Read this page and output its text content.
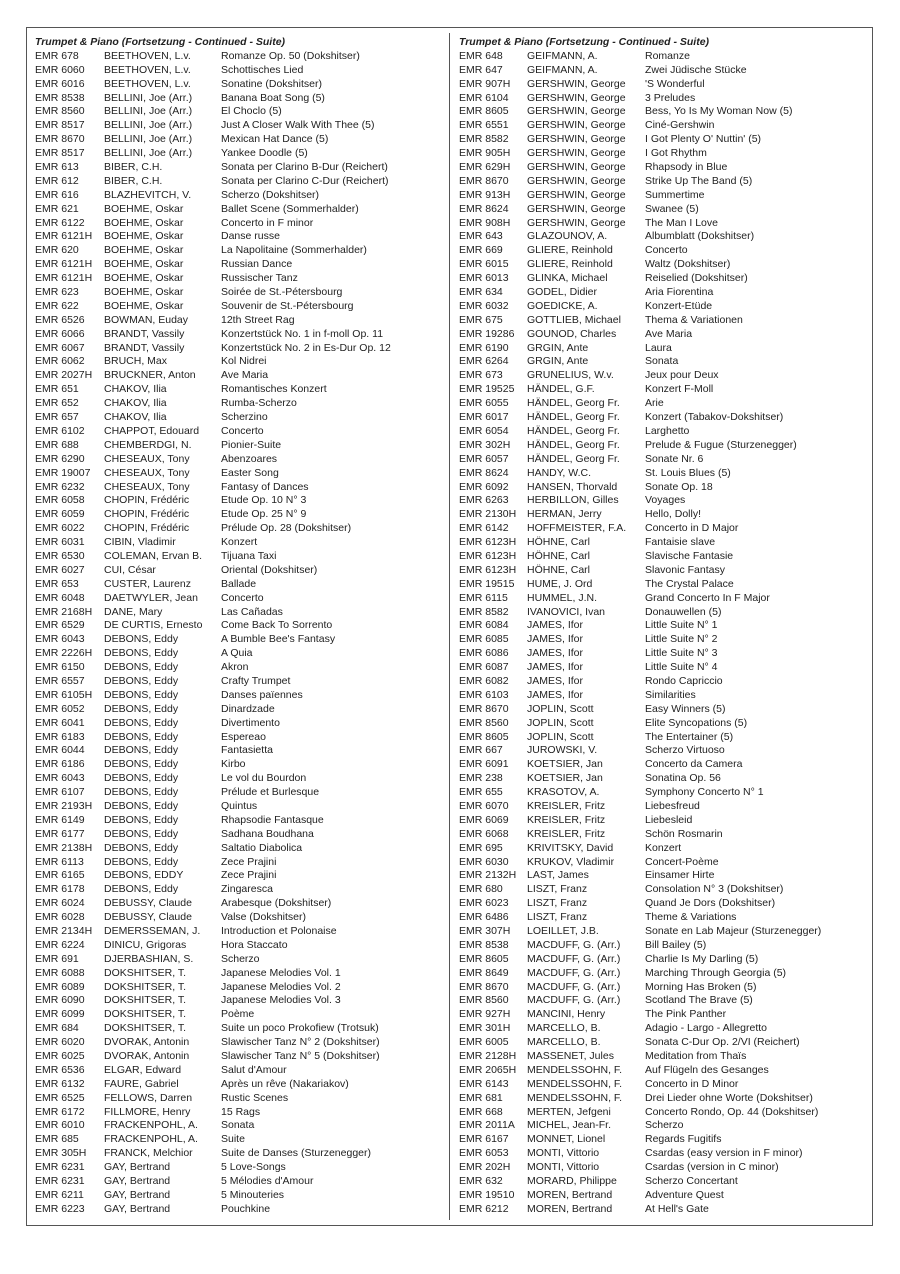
Trumpet & Piano (Fortsetzung - Continued - Suite)
EMR 678	BEETHOVEN, L.v.	Romanze Op. 50 (Dokshitser)
EMR 6060	BEETHOVEN, L.v.	Schottisches Lied
EMR 6016	BEETHOVEN, L.v.	Sonatine (Dokshitser)
EMR 8538	BELLINI, Joe (Arr.)	Banana Boat Song (5)
EMR 8560	BELLINI, Joe (Arr.)	El Choclo (5)
EMR 8517	BELLINI, Joe (Arr.)	Just A Closer Walk With Thee (5)
EMR 8670	BELLINI, Joe (Arr.)	Mexican Hat Dance (5)
EMR 8517	BELLINI, Joe (Arr.)	Yankee Doodle (5)
EMR 613	BIBER, C.H.	Sonata per Clarino B-Dur (Reichert)
EMR 612	BIBER, C.H.	Sonata per Clarino C-Dur (Reichert)
EMR 616	BLAZHEVITCH, V.	Scherzo (Dokshitser)
EMR 621	BOEHME, Oskar	Ballet Scene (Sommerhalder)
EMR 6122	BOEHME, Oskar	Concerto in F minor
EMR 6121H	BOEHME, Oskar	Danse russe
EMR 620	BOEHME, Oskar	La Napolitaine (Sommerhalder)
EMR 6121H	BOEHME, Oskar	Russian Dance
EMR 6121H	BOEHME, Oskar	Russischer Tanz
EMR 623	BOEHME, Oskar	Soirée de St.-Pétersbourg
EMR 622	BOEHME, Oskar	Souvenir de St.-Pétersbourg
EMR 6526	BOWMAN, Euday	12th Street Rag
EMR 6066	BRANDT, Vassily	Konzertstück No. 1 in f-moll Op. 11
EMR 6067	BRANDT, Vassily	Konzertstück No. 2 in Es-Dur Op. 12
EMR 6062	BRUCH, Max	Kol Nidrei
EMR 2027H	BRUCKNER, Anton	Ave Maria
EMR 651	CHAKOV, Ilia	Romantisches Konzert
EMR 652	CHAKOV, Ilia	Rumba-Scherzo
EMR 657	CHAKOV, Ilia	Scherzino
EMR 6102	CHAPPOT, Edouard	Concerto
EMR 688	CHEMBERDGI, N.	Pionier-Suite
EMR 6290	CHESEAUX, Tony	Abenzoares
EMR 19007	CHESEAUX, Tony	Easter Song
EMR 6232	CHESEAUX, Tony	Fantasy of Dances
EMR 6058	CHOPIN, Frédéric	Etude Op. 10 N° 3
EMR 6059	CHOPIN, Frédéric	Etude Op. 25 N° 9
EMR 6022	CHOPIN, Frédéric	Prélude Op. 28 (Dokshitser)
EMR 6031	CIBIN, Vladimir	Konzert
EMR 6530	COLEMAN, Ervan B.	Tijuana Taxi
EMR 6027	CUI, César	Oriental (Dokshitser)
EMR 653	CUSTER, Laurenz	Ballade
EMR 6048	DAETWYLER, Jean	Concerto
EMR 2168H	DANE, Mary	Las Cañadas
EMR 6529	DE CURTIS, Ernesto	Come Back To Sorrento
EMR 6043	DEBONS, Eddy	A Bumble Bee's Fantasy
EMR 2226H	DEBONS, Eddy	A Quia
EMR 6150	DEBONS, Eddy	Akron
EMR 6557	DEBONS, Eddy	Crafty Trumpet
EMR 6105H	DEBONS, Eddy	Danses païennes
EMR 6052	DEBONS, Eddy	Dinardzade
EMR 6041	DEBONS, Eddy	Divertimento
EMR 6183	DEBONS, Eddy	Espereao
EMR 6044	DEBONS, Eddy	Fantasietta
EMR 6186	DEBONS, Eddy	Kirbo
EMR 6043	DEBONS, Eddy	Le vol du Bourdon
EMR 6107	DEBONS, Eddy	Prélude et Burlesque
EMR 2193H	DEBONS, Eddy	Quintus
EMR 6149	DEBONS, Eddy	Rhapsodie Fantasque
EMR 6177	DEBONS, Eddy	Sadhana Boudhana
EMR 2138H	DEBONS, Eddy	Saltatio Diabolica
EMR 6113	DEBONS, Eddy	Zece Prajini
EMR 6165	DEBONS, EDDY	Zece Prajini
EMR 6178	DEBONS, Eddy	Zingaresca
EMR 6024	DEBUSSY, Claude	Arabesque (Dokshitser)
EMR 6028	DEBUSSY, Claude	Valse (Dokshitser)
EMR 2134H	DEMERSSEMAN, J.	Introduction et Polonaise
EMR 6224	DINICU, Grigoras	Hora Staccato
EMR 691	DJERBASHIAN, S.	Scherzo
EMR 6088	DOKSHITSER, T.	Japanese Melodies Vol. 1
EMR 6089	DOKSHITSER, T.	Japanese Melodies Vol. 2
EMR 6090	DOKSHITSER, T.	Japanese Melodies Vol. 3
EMR 6099	DOKSHITSER, T.	Poème
EMR 684	DOKSHITSER, T.	Suite un poco Prokofiew (Trotsuk)
EMR 6020	DVORAK, Antonin	Slawischer Tanz N° 2 (Dokshitser)
EMR 6025	DVORAK, Antonin	Slawischer Tanz N° 5 (Dokshitser)
EMR 6536	ELGAR, Edward	Salut d'Amour
EMR 6132	FAURE, Gabriel	Après un rêve (Nakariakov)
EMR 6525	FELLOWS, Darren	Rustic Scenes
EMR 6172	FILLMORE, Henry	15 Rags
EMR 6010	FRACKENPOHL, A.	Sonata
EMR 685	FRACKENPOHL, A.	Suite
EMR 305H	FRANCK, Melchior	Suite de Danses (Sturzenegger)
EMR 6231	GAY, Bertrand	5 Love-Songs
EMR 6231	GAY, Bertrand	5 Mélodies d'Amour
EMR 6211	GAY, Bertrand	5 Minouteries
EMR 6223	GAY, Bertrand	Pouchkine
Trumpet & Piano (Fortsetzung - Continued - Suite)
EMR 648	GEIFMANN, A.	Romanze
EMR 647	GEIFMANN, A.	Zwei Jüdische Stücke
EMR 907H	GERSHWIN, George	'S Wonderful
EMR 6104	GERSHWIN, George	3 Preludes
EMR 8605	GERSHWIN, George	Bess, Yo Is My Woman Now (5)
EMR 6551	GERSHWIN, George	Ciné-Gershwin
EMR 8582	GERSHWIN, George	I Got Plenty O' Nuttin' (5)
EMR 905H	GERSHWIN, George	I Got Rhythm
EMR 629H	GERSHWIN, George	Rhapsody in Blue
EMR 8670	GERSHWIN, George	Strike Up The Band (5)
EMR 913H	GERSHWIN, George	Summertime
EMR 8624	GERSHWIN, George	Swanee (5)
EMR 908H	GERSHWIN, George	The Man I Love
EMR 643	GLAZOUNOV, A.	Albumblatt (Dokshitser)
EMR 669	GLIERE, Reinhold	Concerto
EMR 6015	GLIERE, Reinhold	Waltz (Dokshitser)
EMR 6013	GLINKA, Michael	Reiselied (Dokshitser)
EMR 634	GODEL, Didier	Aria Fiorentina
EMR 6032	GOEDICKE, A.	Konzert-Etüde
EMR 675	GOTTLIEB, Michael	Thema & Variationen
EMR 19286	GOUNOD, Charles	Ave Maria
EMR 6190	GRGIN, Ante	Laura
EMR 6264	GRGIN, Ante	Sonata
EMR 673	GRUNELIUS, W.v.	Jeux pour Deux
EMR 19525	HÄNDEL, G.F.	Konzert F-Moll
EMR 6055	HÄNDEL, Georg Fr.	Arie
EMR 6017	HÄNDEL, Georg Fr.	Konzert (Tabakov-Dokshitser)
EMR 6054	HÄNDEL, Georg Fr.	Larghetto
EMR 302H	HÄNDEL, Georg Fr.	Prelude & Fugue (Sturzenegger)
EMR 6057	HÄNDEL, Georg Fr.	Sonate Nr. 6
EMR 8624	HANDY, W.C.	St. Louis Blues (5)
EMR 6092	HANSEN, Thorvald	Sonate Op. 18
EMR 6263	HERBILLON, Gilles	Voyages
EMR 2130H	HERMAN, Jerry	Hello, Dolly!
EMR 6142	HOFFMEISTER, F.A.	Concerto in D Major
EMR 6123H	HÖHNE, Carl	Fantaisie slave
EMR 6123H	HÖHNE, Carl	Slavische Fantasie
EMR 6123H	HÖHNE, Carl	Slavonic Fantasy
EMR 19515	HUME, J. Ord	The Crystal Palace
EMR 6115	HUMMEL, J.N.	Grand Concerto In F Major
EMR 8582	IVANOVICI, Ivan	Donauwellen (5)
EMR 6084	JAMES, Ifor	Little Suite N° 1
EMR 6085	JAMES, Ifor	Little Suite N° 2
EMR 6086	JAMES, Ifor	Little Suite N° 3
EMR 6087	JAMES, Ifor	Little Suite N° 4
EMR 6082	JAMES, Ifor	Rondo Capriccio
EMR 6103	JAMES, Ifor	Similarities
EMR 8670	JOPLIN, Scott	Easy Winners (5)
EMR 8560	JOPLIN, Scott	Elite Syncopations (5)
EMR 8605	JOPLIN, Scott	The Entertainer (5)
EMR 667	JUROWSKI, V.	Scherzo Virtuoso
EMR 6091	KOETSIER, Jan	Concerto da Camera
EMR 238	KOETSIER, Jan	Sonatina Op. 56
EMR 655	KRASOTOV, A.	Symphony Concerto N° 1
EMR 6070	KREISLER, Fritz	Liebesfreud
EMR 6069	KREISLER, Fritz	Liebesleid
EMR 6068	KREISLER, Fritz	Schön Rosmarin
EMR 695	KRIVITSKY, David	Konzert
EMR 6030	KRUKOV, Vladimir	Concert-Poème
EMR 2132H	LAST, James	Einsamer Hirte
EMR 680	LISZT, Franz	Consolation N° 3 (Dokshitser)
EMR 6023	LISZT, Franz	Quand Je Dors (Dokshitser)
EMR 6486	LISZT, Franz	Theme & Variations
EMR 307H	LOEILLET, J.B.	Sonate en Lab Majeur (Sturzenegger)
EMR 8538	MACDUFF, G. (Arr.)	Bill Bailey (5)
EMR 8605	MACDUFF, G. (Arr.)	Charlie Is My Darling (5)
EMR 8649	MACDUFF, G. (Arr.)	Marching Through Georgia (5)
EMR 8670	MACDUFF, G. (Arr.)	Morning Has Broken (5)
EMR 8560	MACDUFF, G. (Arr.)	Scotland The Brave (5)
EMR 927H	MANCINI, Henry	The Pink Panther
EMR 301H	MARCELLO, B.	Adagio - Largo - Allegretto
EMR 6005	MARCELLO, B.	Sonata C-Dur Op. 2/VI (Reichert)
EMR 2128H	MASSENET, Jules	Meditation from Thaïs
EMR 2065H	MENDELSSOHN, F.	Auf Flügeln des Gesanges
EMR 6143	MENDELSSOHN, F.	Concerto in D Minor
EMR 681	MENDELSSOHN, F.	Drei Lieder ohne Worte (Dokshitser)
EMR 668	MERTEN, Jefgeni	Concerto Rondo, Op. 44 (Dokshitser)
EMR 2011A	MICHEL, Jean-Fr.	Scherzo
EMR 6167	MONNET, Lionel	Regards Fugitifs
EMR 6053	MONTI, Vittorio	Csardas (easy version in F minor)
EMR 202H	MONTI, Vittorio	Csardas (version in C minor)
EMR 632	MORARD, Philippe	Scherzo Concertant
EMR 19510	MOREN, Bertrand	Adventure Quest
EMR 6212	MOREN, Bertrand	At Hell's Gate
